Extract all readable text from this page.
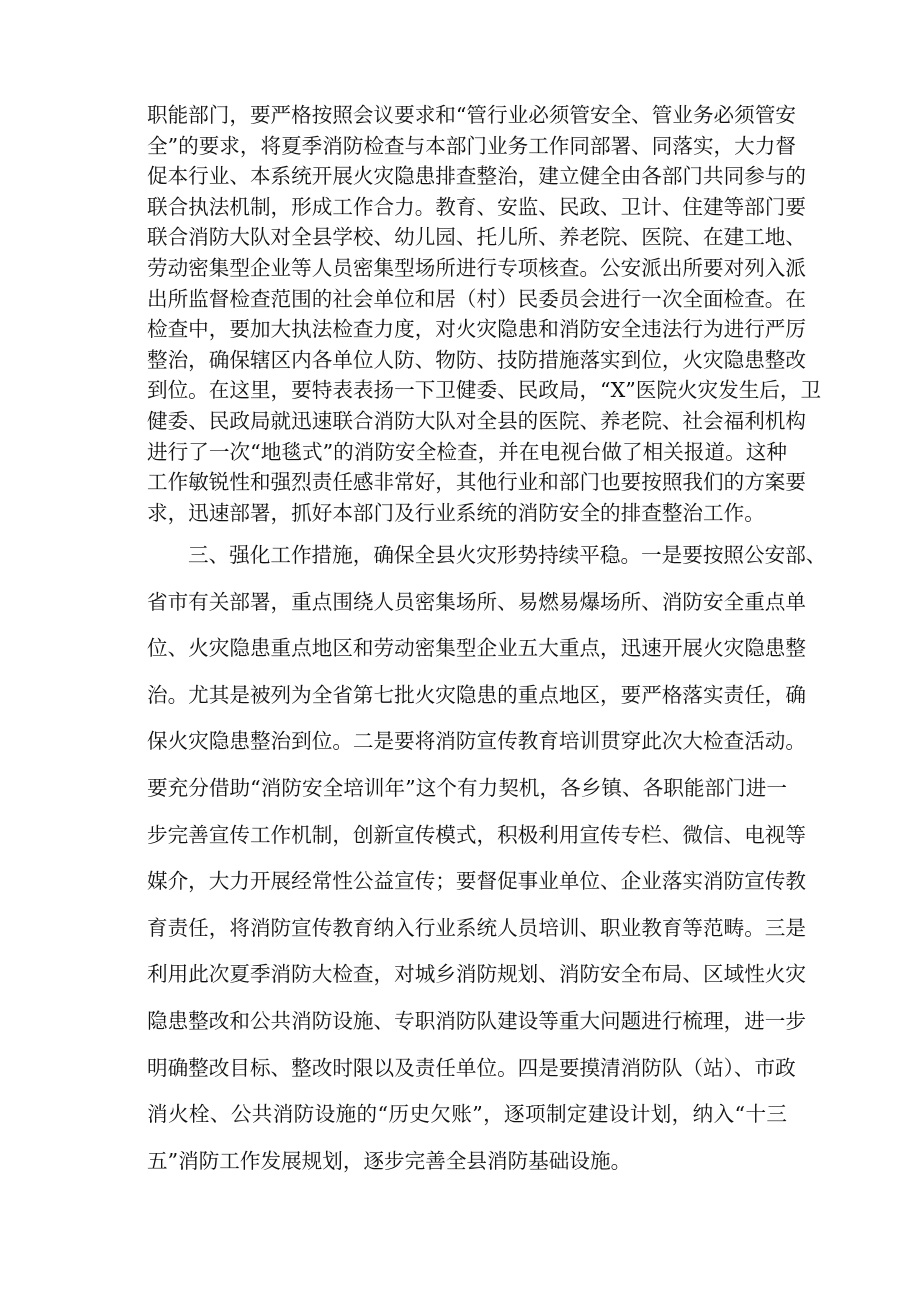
职能部门，要严格按照会议要求和“管行业必须管安全、管业务必须管安
全”的要求，将夏季消防检查与本部门业务工作同部署、同落实，大力督
促本行业、本系统开展火灾隐患排查整治，建立健全由各部门共同参与的
联合执法机制，形成工作合力。教育、安监、民政、卫计、住建等部门要
联合消防大队对全县学校、幼儿园、托儿所、养老院、医院、在建工地、
劳动密集型企业等人员密集型场所进行专项核查。公安派出所要对列入派
出所监督检查范围的社会单位和居（村）民委员会进行一次全面检查。在
检查中，要加大执法检查力度，对火灾隐患和消防安全违法行为进行严厉
整治，确保辖区内各单位人防、物防、技防措施落实到位，火灾隐患整改
到位。在这里，要特表表扬一下卫健委、民政局，“X”医院火灾发生后，卫
健委、民政局就迅速联合消防大队对全县的医院、养老院、社会福利机构
进行了一次“地毯式”的消防安全检查，并在电视台做了相关报道。这种
工作敏锐性和强烈责任感非常好，其他行业和部门也要按照我们的方案要
求，迅速部署，抓好本部门及行业系统的消防安全的排查整治工作。
三、强化工作措施，确保全县火灾形势持续平稳。一是要按照公安部、
省市有关部署，重点围绕人员密集场所、易燃易爆场所、消防安全重点单
位、火灾隐患重点地区和劳动密集型企业五大重点，迅速开展火灾隐患整
治。尤其是被列为全省第七批火灾隐患的重点地区，要严格落实责任，确
保火灾隐患整治到位。二是要将消防宣传教育培训贯穿此次大检查活动。
要充分借助“消防安全培训年”这个有力契机，各乡镇、各职能部门进一
步完善宣传工作机制，创新宣传模式，积极利用宣传专栏、微信、电视等
媒介，大力开展经常性公益宣传；要督促事业单位、企业落实消防宣传教
育责任，将消防宣传教育纳入行业系统人员培训、职业教育等范畴。三是
利用此次夏季消防大检查，对城乡消防规划、消防安全布局、区域性火灾
隐患整改和公共消防设施、专职消防队建设等重大问题进行梳理，进一步
明确整改目标、整改时限以及责任单位。四是要摸清消防队（站）、市政
消火栓、公共消防设施的“历史欠账”，逐项制定建设计划，纳入“十三
五”消防工作发展规划，逐步完善全县消防基础设施。
